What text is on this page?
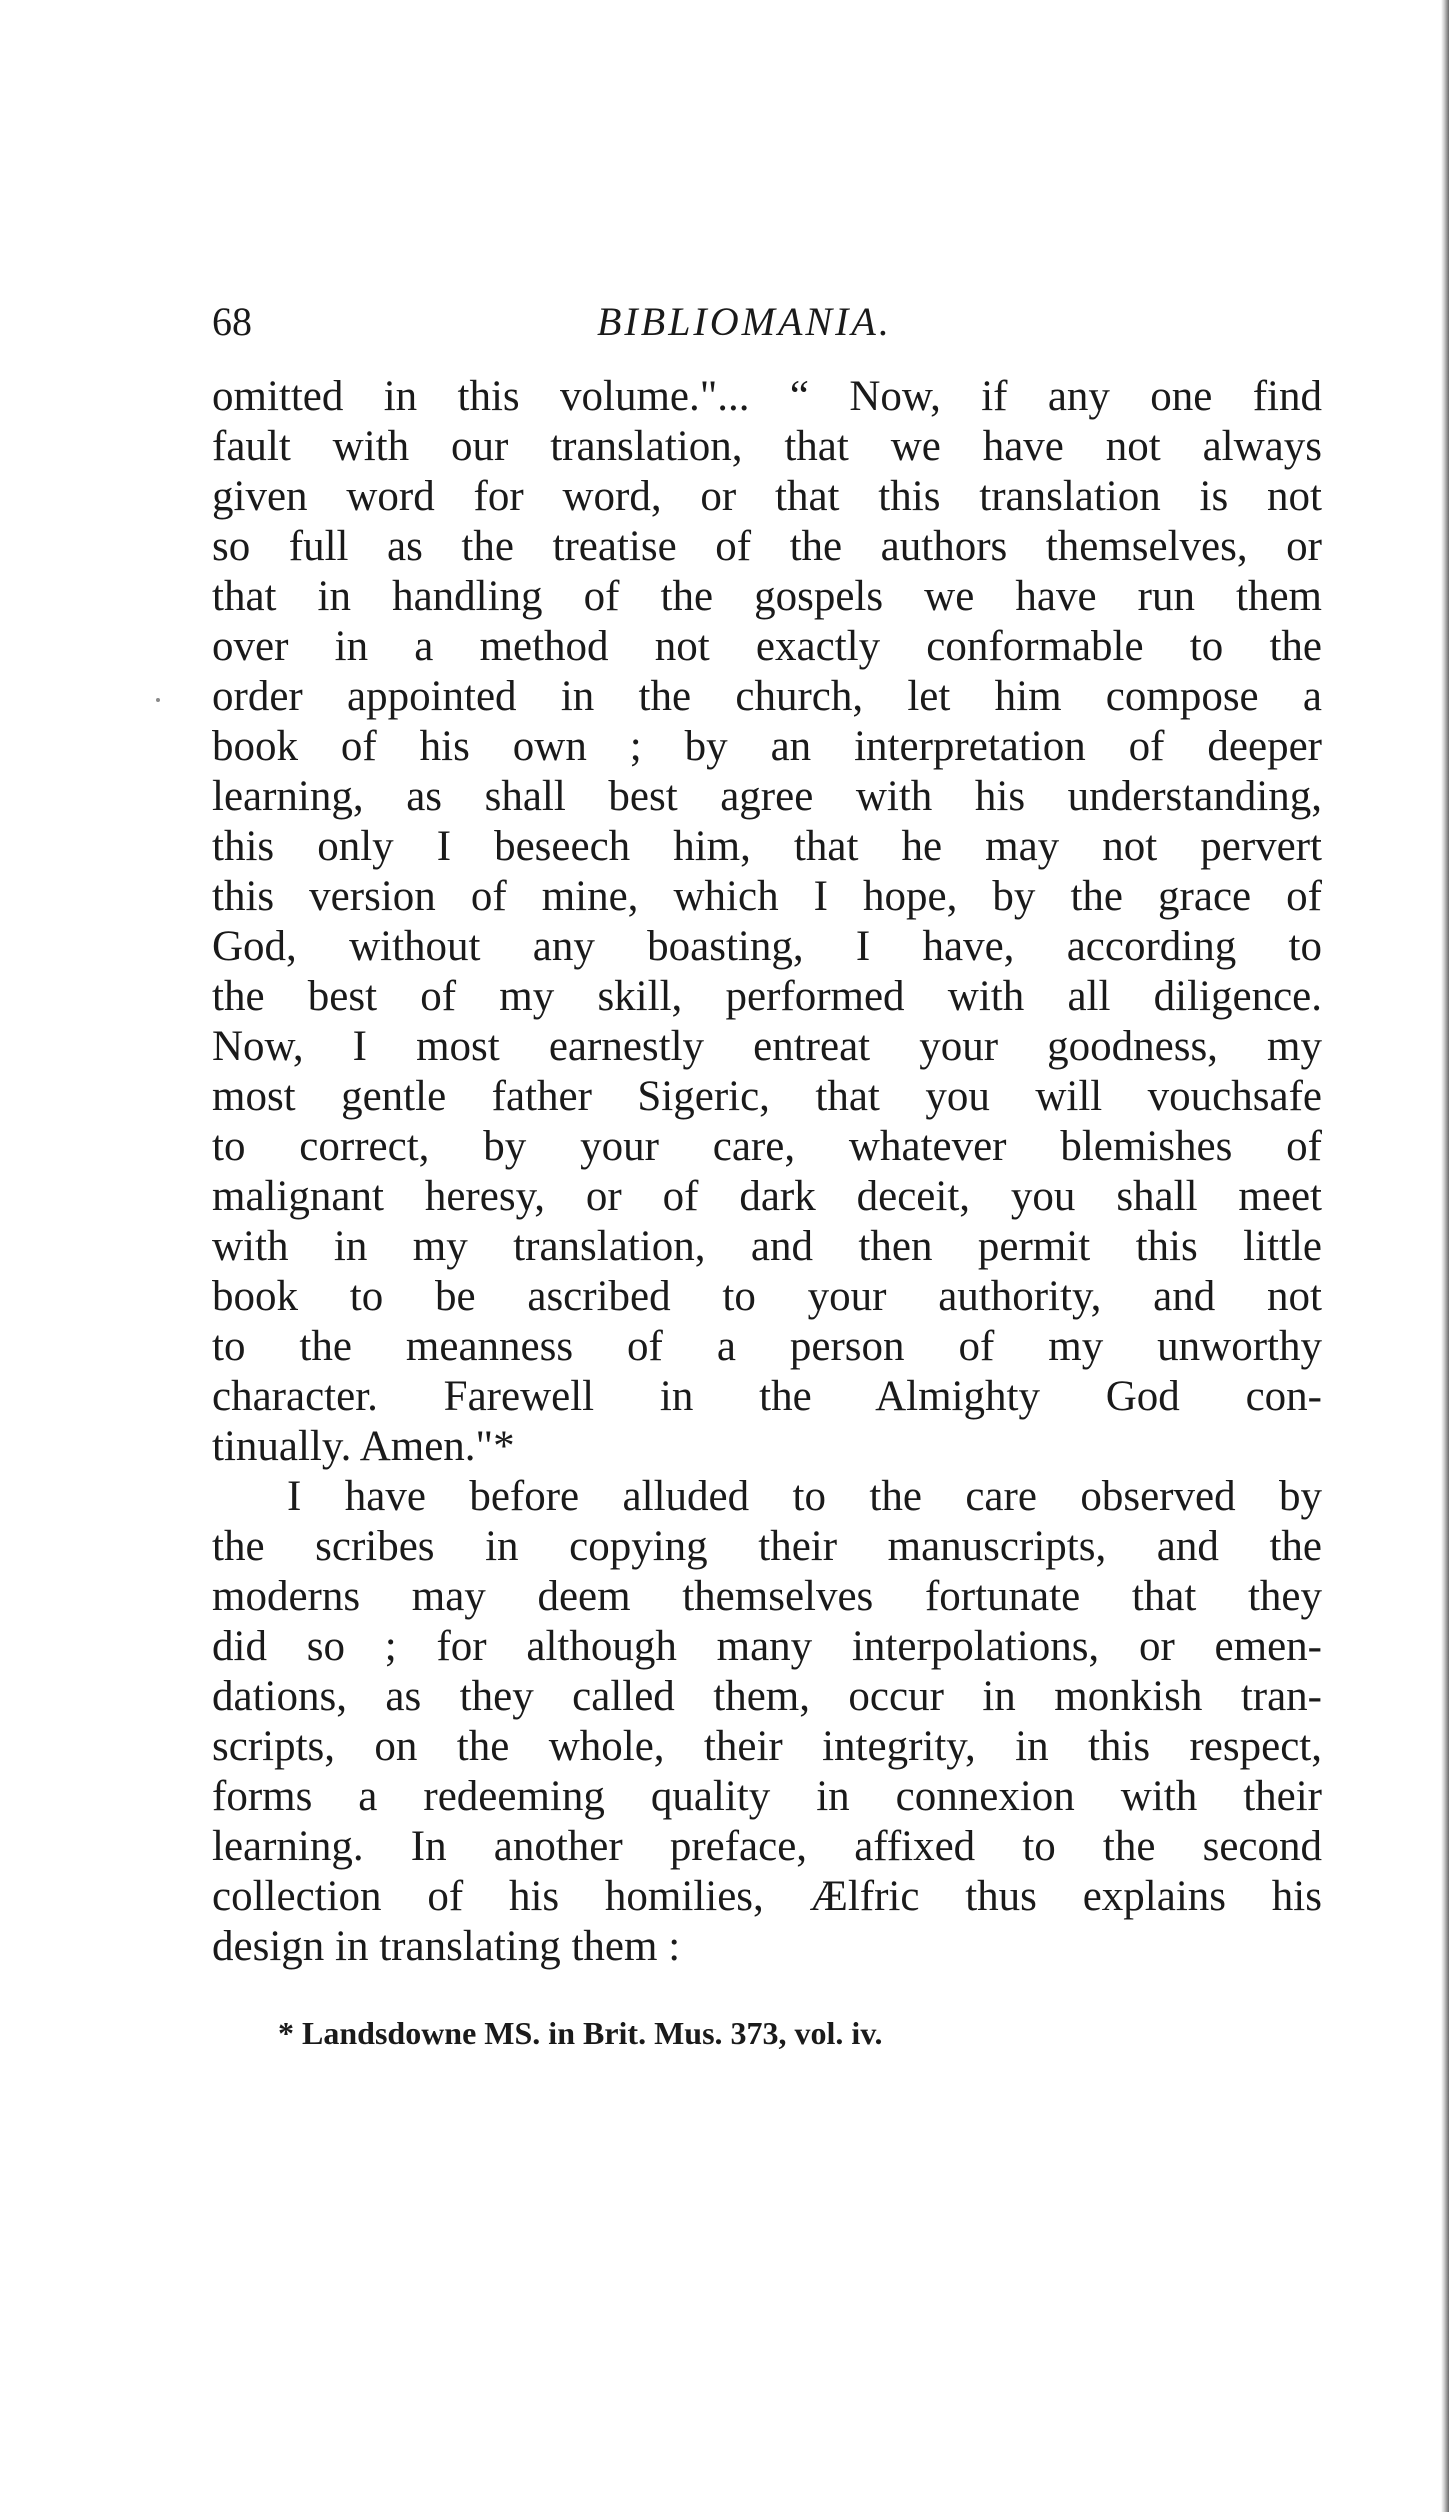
68	BIBLIOMANIA.
omitted in this volume."... “ Now, if any one find
fault with our translation, that we have not always
given word for word, or that this translation is not
so full as the treatise of the authors themselves, or
that in handling of the gospels we have run them
over in a method not exactly conformable to the
order appointed in the church, let him compose a
book of his own ; by an interpretation of deeper
learning, as shall best agree with his understanding,
this only I beseech him, that he may not pervert
this version of mine, which I hope, by the grace of
God, without any boasting, I have, according to
the best of my skill, performed with all diligence.
Now, I most earnestly entreat your goodness, my
most gentle father Sigeric, that you will vouchsafe
to correct, by your care, whatever blemishes of
malignant heresy, or of dark deceit, you shall meet
with in my translation, and then permit this little
book to be ascribed to your authority, and not
to the meanness of a person of my unworthy
character. Farewell in the Almighty God con-
tinually. Amen."*
I have before alluded to the care observed by
the scribes in copying their manuscripts, and the
moderns may deem themselves fortunate that they
did so ; for although many interpolations, or emen-
dations, as they called them, occur in monkish tran-
scripts, on the whole, their integrity, in this respect,
forms a redeeming quality in connexion with their
learning. In another preface, affixed to the second
collection of his homilies, Ælfric thus explains his
design in translating them :
* Landsdowne MS. in Brit. Mus. 373, vol. iv.
